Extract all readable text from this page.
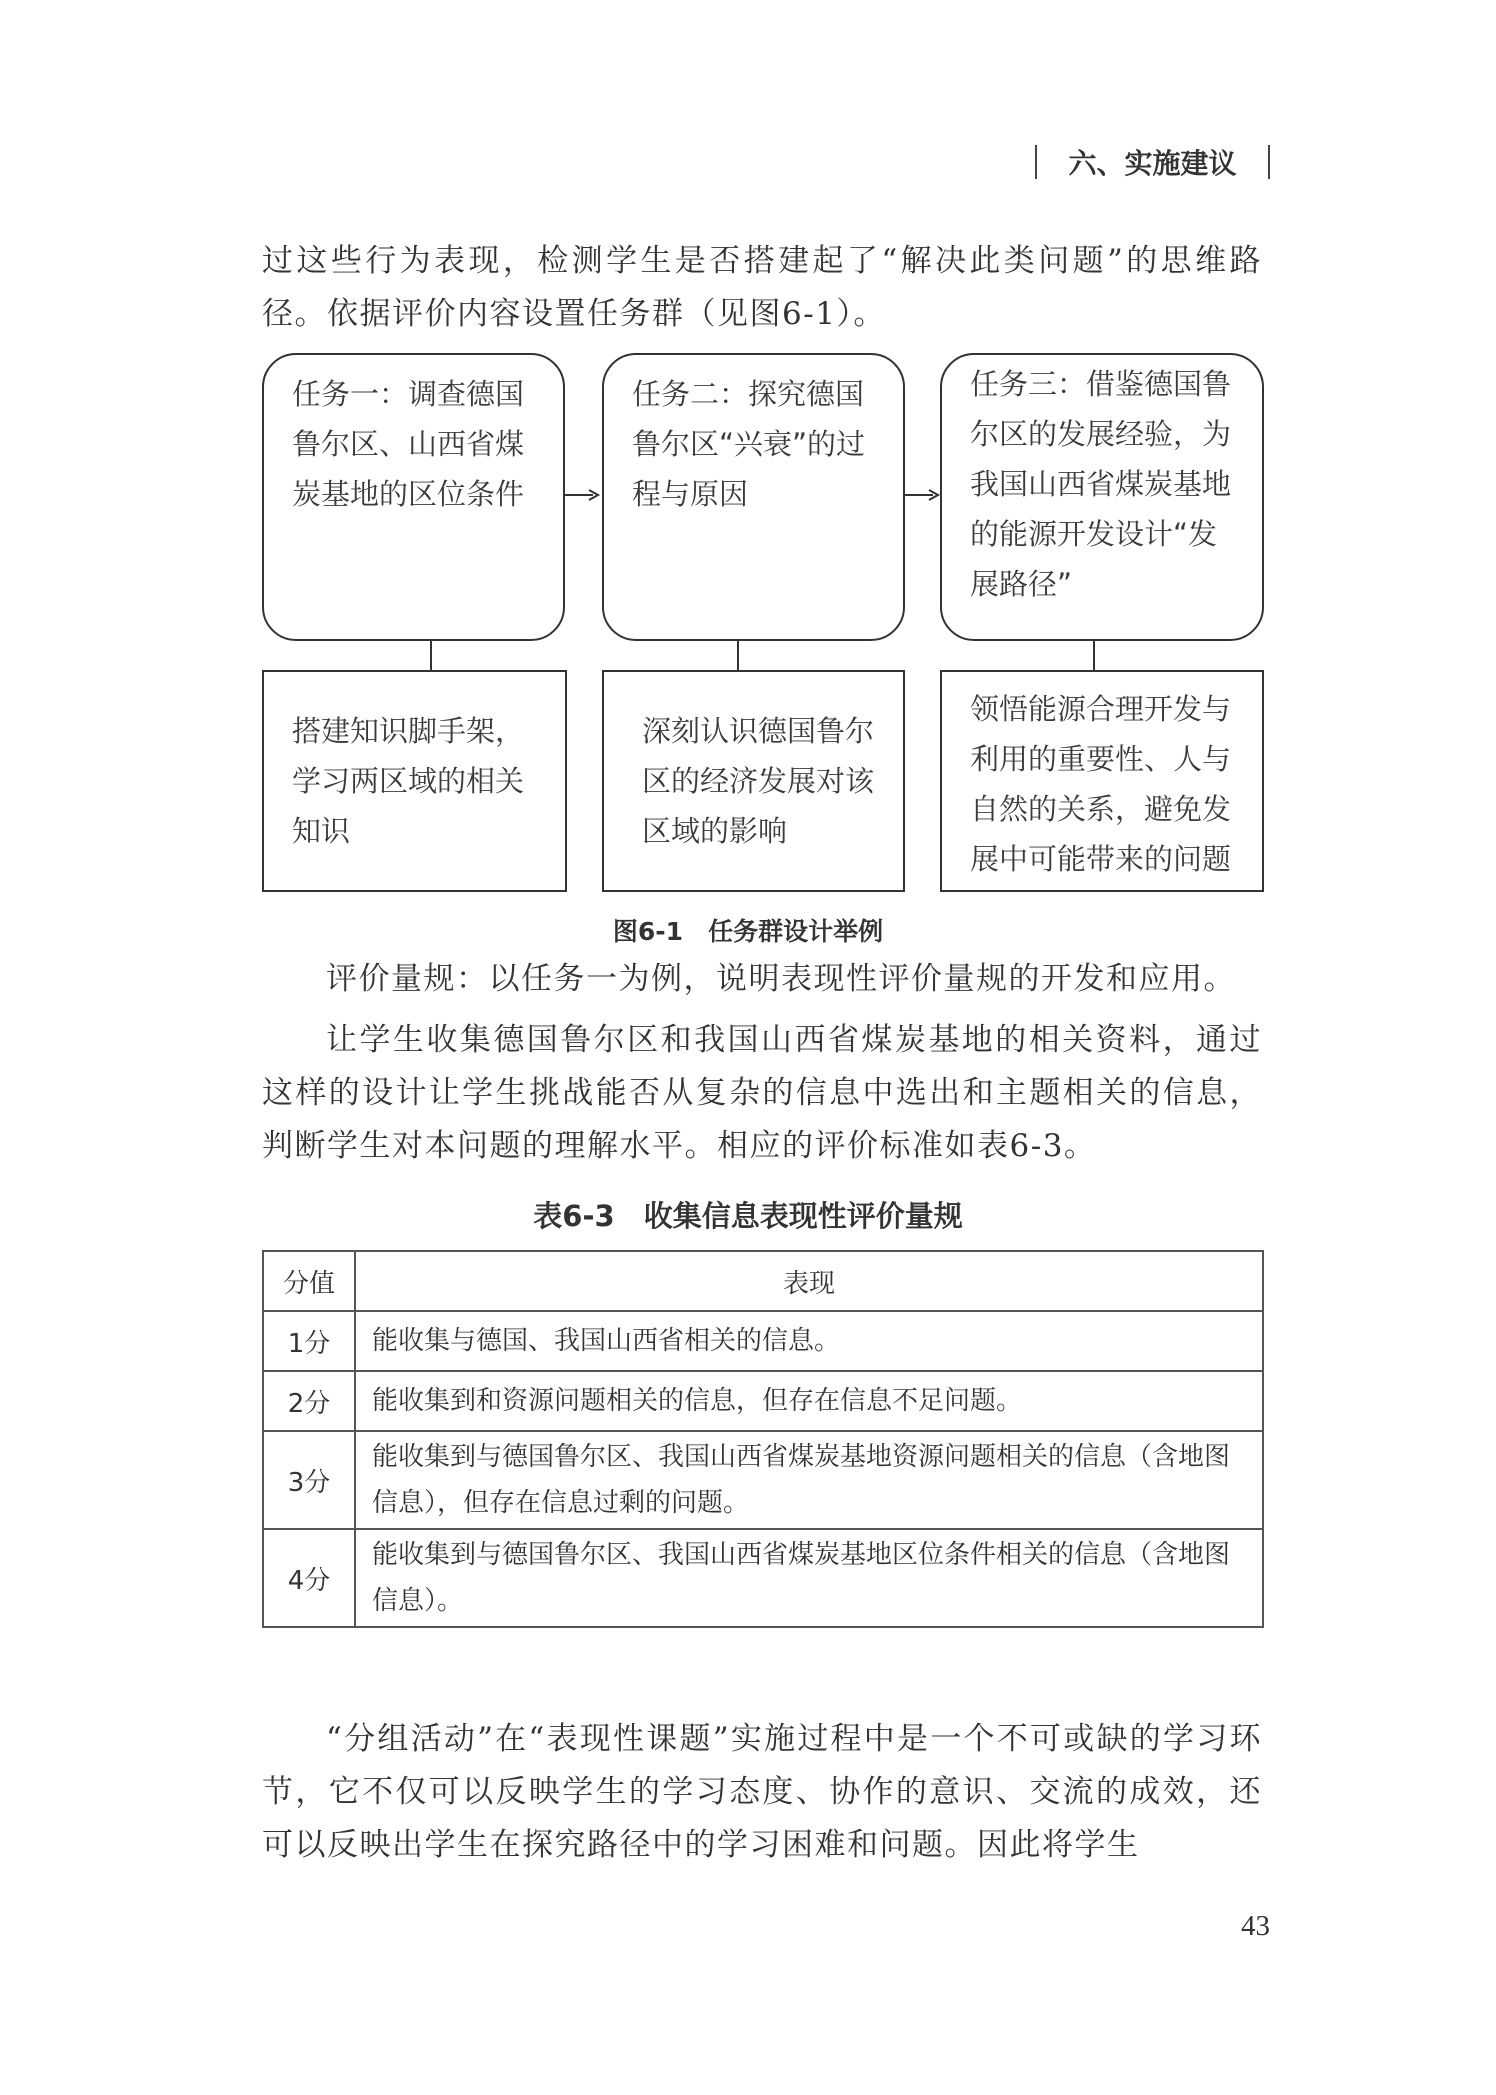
六、实施建议

过这些行为表现，检测学生是否搭建起了“解决此类问题”的思维路径。依据评价内容设置任务群（见图6-1）。

任务一：调查德国鲁尔区、山西省煤炭基地的区位条件
任务二：探究德国鲁尔区“兴衰”的过程与原因
任务三：借鉴德国鲁尔区的发展经验，为我国山西省煤炭基地的能源开发设计“发展路径”
搭建知识脚手架，学习两区域的相关知识
深刻认识德国鲁尔区的经济发展对该区域的影响
领悟能源合理开发与利用的重要性、人与自然的关系，避免发展中可能带来的问题
图6-1　任务群设计举例

评价量规：以任务一为例，说明表现性评价量规的开发和应用。

让学生收集德国鲁尔区和我国山西省煤炭基地的相关资料，通过这样的设计让学生挑战能否从复杂的信息中选出和主题相关的信息，判断学生对本问题的理解水平。相应的评价标准如表6-3。

表6-3　收集信息表现性评价量规
分值	表现
1分	能收集与德国、我国山西省相关的信息。
2分	能收集到和资源问题相关的信息，但存在信息不足问题。
3分	能收集到与德国鲁尔区、我国山西省煤炭基地资源问题相关的信息（含地图信息），但存在信息过剩的问题。
4分	能收集到与德国鲁尔区、我国山西省煤炭基地区位条件相关的信息（含地图信息）。

“分组活动”在“表现性课题”实施过程中是一个不可或缺的学习环节，它不仅可以反映学生的学习态度、协作的意识、交流的成效，还可以反映出学生在探究路径中的学习困难和问题。因此将学生

43
